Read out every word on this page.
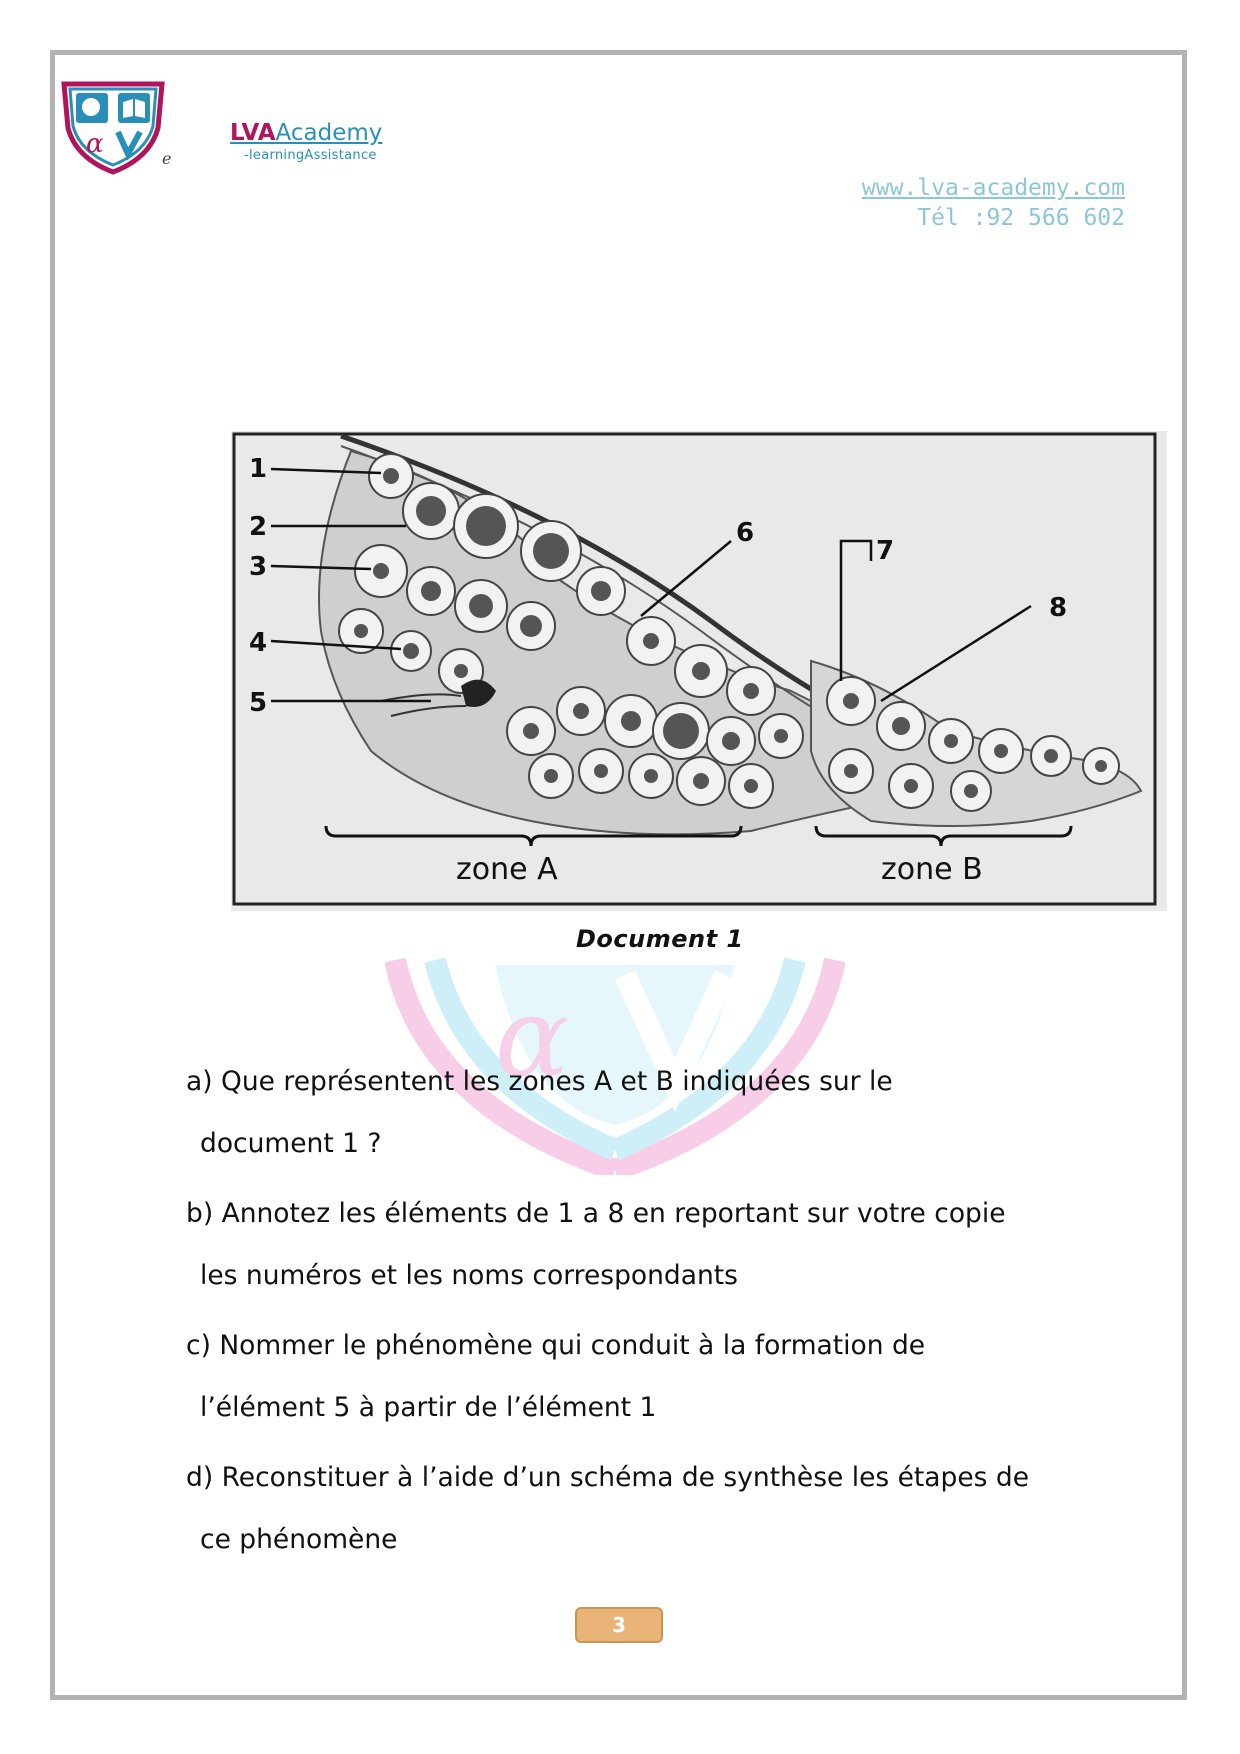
α	e
LVAAcademy
-learningAssistance
www.lva-academy.com
Tél :92 566 602
1
2
3
4
5
6
7
8
zone A	zone B
Document 1
α
a) Que représentent les zones A et B indiquées sur le
document 1 ?
b) Annotez les éléments de 1 a 8 en reportant sur votre copie
les numéros et les noms correspondants
c) Nommer le phénomène qui conduit à la formation de
l’élément 5 à partir de l’élément 1
d) Reconstituer à l’aide d’un schéma de synthèse les étapes de
ce phénomène
3
